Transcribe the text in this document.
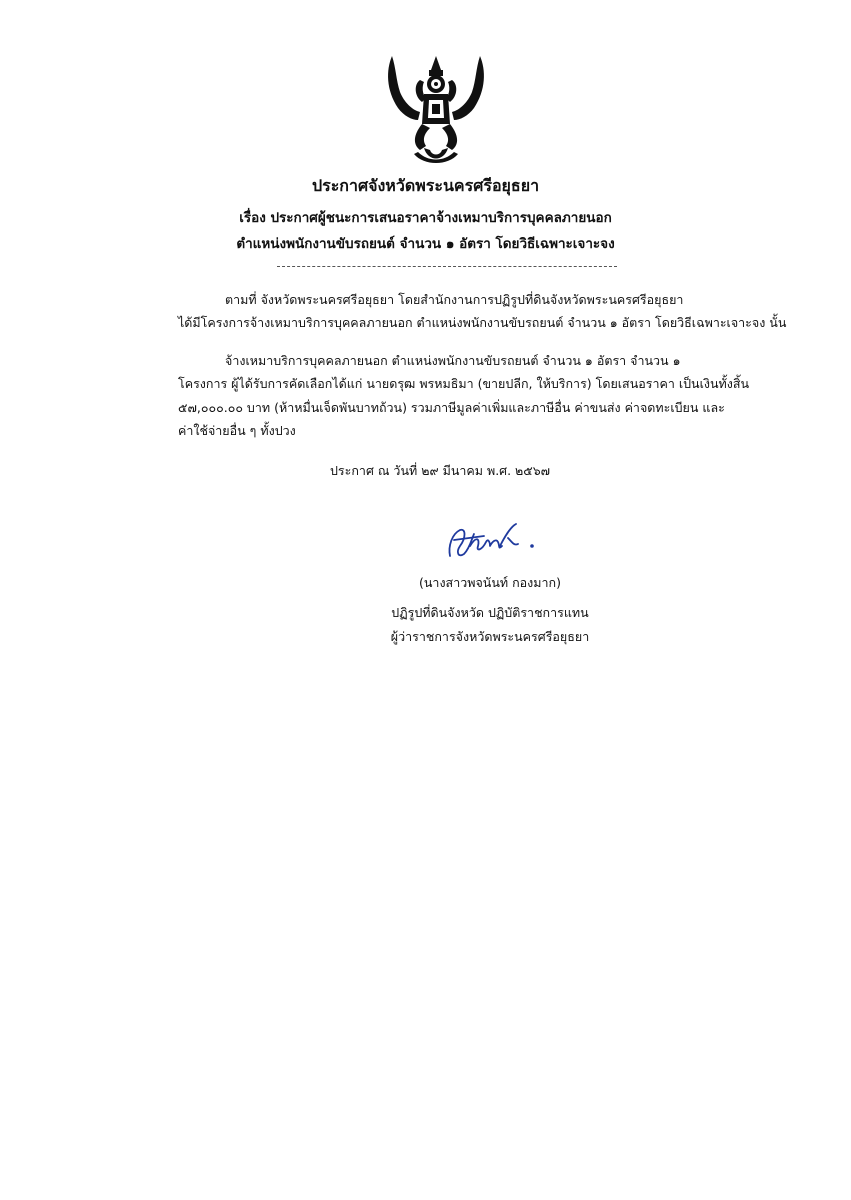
ประกาศจังหวัดพระนครศรีอยุธยา
เรื่อง ประกาศผู้ชนะการเสนอราคาจ้างเหมาบริการบุคคลภายนอก
ตำแหน่งพนักงานขับรถยนต์ จำนวน ๑ อัตรา โดยวิธีเฉพาะเจาะจง
ตามที่ จังหวัดพระนครศรีอยุธยา โดยสำนักงานการปฏิรูปที่ดินจังหวัดพระนครศรีอยุธยา
ได้มีโครงการจ้างเหมาบริการบุคคลภายนอก ตำแหน่งพนักงานขับรถยนต์ จำนวน ๑ อัตรา โดยวิธีเฉพาะเจาะจง นั้น
จ้างเหมาบริการบุคคลภายนอก ตำแหน่งพนักงานขับรถยนต์ จำนวน ๑ อัตรา จำนวน ๑
โครงการ ผู้ได้รับการคัดเลือกได้แก่ นายดรุฒ พรหมธิมา (ขายปลีก, ให้บริการ) โดยเสนอราคา เป็นเงินทั้งสิ้น
๕๗,๐๐๐.๐๐ บาท (ห้าหมื่นเจ็ดพันบาทถ้วน) รวมภาษีมูลค่าเพิ่มและภาษีอื่น ค่าขนส่ง ค่าจดทะเบียน และ
ค่าใช้จ่ายอื่น ๆ ทั้งปวง
ประกาศ ณ วันที่ ๒๙ มีนาคม พ.ศ. ๒๕๖๗
(นางสาวพจนันท์ กองมาก)
ปฏิรูปที่ดินจังหวัด ปฏิบัติราชการแทน
ผู้ว่าราชการจังหวัดพระนครศรีอยุธยา
